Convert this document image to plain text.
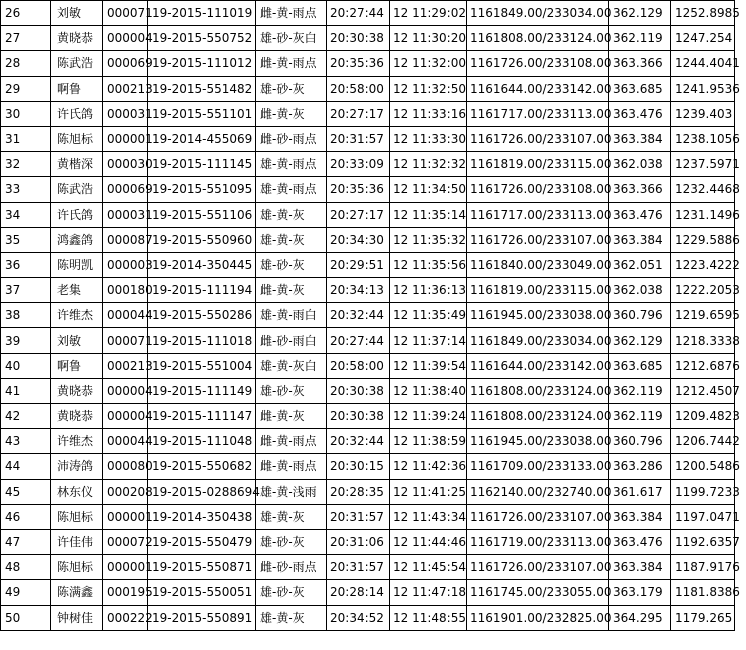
26	刘敏	000071	19-2015-111019	雌-黄-雨点	20:27:44	12 11:29:02	1161849.00/233034.00	362.129	1252.8985
27	黄晓恭	000004	19-2015-550752	雄-砂-灰白	20:30:38	12 11:30:20	1161808.00/233124.00	362.119	1247.254
28	陈武浩	000069	19-2015-111012	雌-黄-雨点	20:35:36	12 11:32:00	1161726.00/233108.00	363.366	1244.4041
29	啊鲁	000213	19-2015-551482	雄-砂-灰	20:58:00	12 11:32:50	1161644.00/233142.00	363.685	1241.9536
30	许氏鸽	000031	19-2015-551101	雌-黄-灰	20:27:17	12 11:33:16	1161717.00/233113.00	363.476	1239.403
31	陈旭标	000001	19-2014-455069	雌-砂-雨点	20:31:57	12 11:33:30	1161726.00/233107.00	363.384	1238.1056
32	黄楷深	000030	19-2015-111145	雄-黄-雨点	20:33:09	12 11:32:32	1161819.00/233115.00	362.038	1237.5971
33	陈武浩	000069	19-2015-551095	雄-黄-雨点	20:35:36	12 11:34:50	1161726.00/233108.00	363.366	1232.4468
34	许氏鸽	000031	19-2015-551106	雄-黄-灰	20:27:17	12 11:35:14	1161717.00/233113.00	363.476	1231.1496
35	鸿鑫鸽	000087	19-2015-550960	雄-黄-灰	20:34:30	12 11:35:32	1161726.00/233107.00	363.384	1229.5886
36	陈明凯	000003	19-2014-350445	雄-砂-灰	20:29:51	12 11:35:56	1161840.00/233049.00	362.051	1223.4222
37	老集	000180	19-2015-111194	雌-黄-灰	20:34:13	12 11:36:13	1161819.00/233115.00	362.038	1222.2053
38	许维杰	000044	19-2015-550286	雄-黄-雨白	20:32:44	12 11:35:49	1161945.00/233038.00	360.796	1219.6595
39	刘敏	000071	19-2015-111018	雌-砂-雨白	20:27:44	12 11:37:14	1161849.00/233034.00	362.129	1218.3338
40	啊鲁	000213	19-2015-551004	雄-黄-灰白	20:58:00	12 11:39:54	1161644.00/233142.00	363.685	1212.6876
41	黄晓恭	000004	19-2015-111149	雄-砂-灰	20:30:38	12 11:38:40	1161808.00/233124.00	362.119	1212.4507
42	黄晓恭	000004	19-2015-111147	雌-黄-灰	20:30:38	12 11:39:24	1161808.00/233124.00	362.119	1209.4823
43	许维杰	000044	19-2015-111048	雌-黄-雨点	20:32:44	12 11:38:59	1161945.00/233038.00	360.796	1206.7442
44	沛涛鸽	000080	19-2015-550682	雌-黄-雨点	20:30:15	12 11:42:36	1161709.00/233133.00	363.286	1200.5486
45	林东仪	000208	19-2015-0288694	雄-黄-浅雨	20:28:35	12 11:41:25	1162140.00/232740.00	361.617	1199.7233
46	陈旭标	000001	19-2014-350438	雄-黄-灰	20:31:57	12 11:43:34	1161726.00/233107.00	363.384	1197.0471
47	许佳伟	000072	19-2015-550479	雄-砂-灰	20:31:06	12 11:44:46	1161719.00/233113.00	363.476	1192.6357
48	陈旭标	000001	19-2015-550871	雌-砂-雨点	20:31:57	12 11:45:54	1161726.00/233107.00	363.384	1187.9176
49	陈满鑫	000195	19-2015-550051	雄-砂-灰	20:28:14	12 11:47:18	1161745.00/233055.00	363.179	1181.8386
50	钟树佳	000222	19-2015-550891	雄-黄-灰	20:34:52	12 11:48:55	1161901.00/232825.00	364.295	1179.265
